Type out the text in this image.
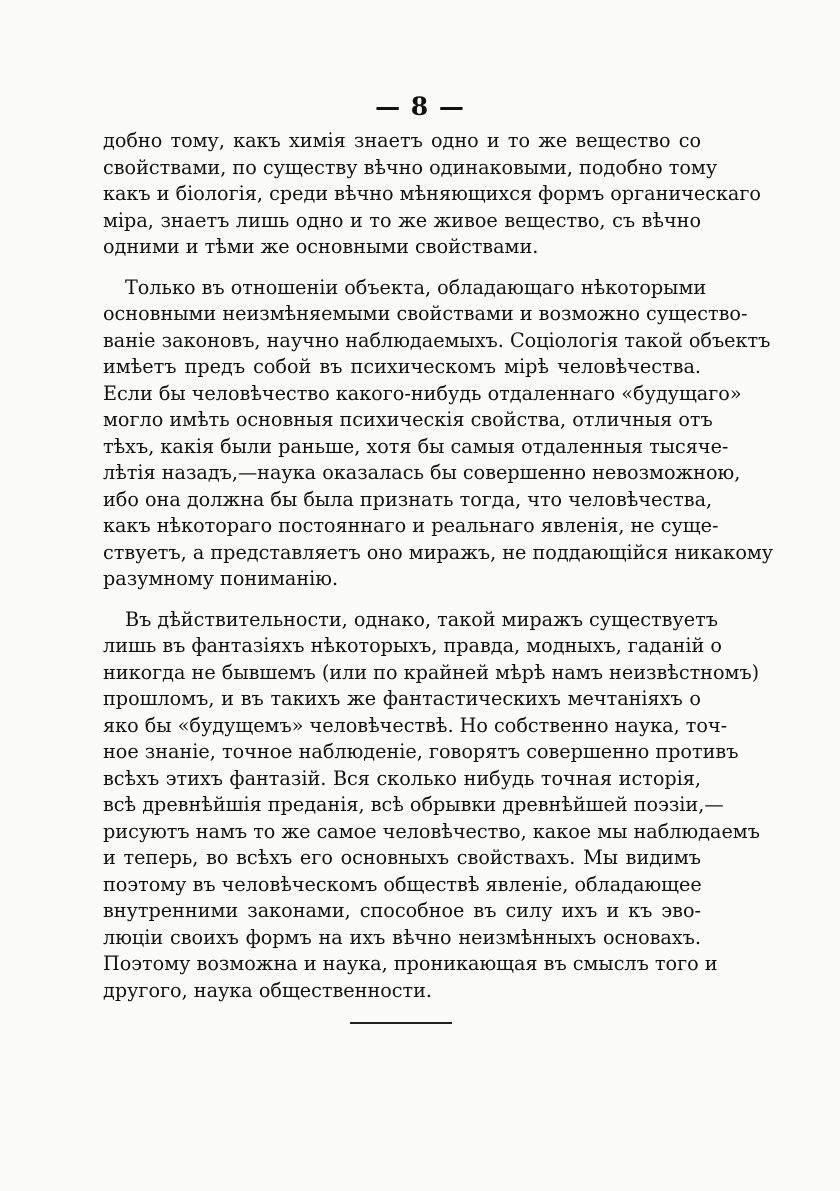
— 8 —
добно тому, какъ химія знаетъ одно и то же вещество со
свойствами, по существу вѣчно одинаковыми, подобно тому
какъ и біологія, среди вѣчно мѣняющихся формъ органическаго
міра, знаетъ лишь одно и то же живое вещество, съ вѣчно
одними и тѣми же основными свойствами.
Только въ отношеніи объекта, обладающаго нѣкоторыми
основными неизмѣняемыми свойствами и возможно существо-
ваніе законовъ, научно наблюдаемыхъ. Соціологія такой объектъ
имѣетъ предъ собой въ психическомъ мірѣ человѣчества.
Если бы человѣчество какого-нибудь отдаленнаго «будущаго»
могло имѣть основныя психическія свойства, отличныя отъ
тѣхъ, какія были раньше, хотя бы самыя отдаленныя тысяче-
лѣтія назадъ,—наука оказалась бы совершенно невозможною,
ибо она должна бы была признать тогда, что человѣчества,
какъ нѣкотораго постояннаго и реальнаго явленія, не суще-
ствуетъ, а представляетъ оно миражъ, не поддающійся никакому
разумному пониманію.
Въ дѣйствительности, однако, такой миражъ существуетъ
лишь въ фантазіяхъ нѣкоторыхъ, правда, модныхъ, гаданій о
никогда не бывшемъ (или по крайней мѣрѣ намъ неизвѣстномъ)
прошломъ, и въ такихъ же фантастическихъ мечтаніяхъ о
яко бы «будущемъ» человѣчествѣ. Но собственно наука, точ-
ное знаніе, точное наблюденіе, говорятъ совершенно противъ
всѣхъ этихъ фантазій. Вся сколько нибудь точная исторія,
всѣ древнѣйшія преданія, всѣ обрывки древнѣйшей поэзіи,—
рисуютъ намъ то же самое человѣчество, какое мы наблюдаемъ
и теперь, во всѣхъ его основныхъ свойствахъ. Мы видимъ
поэтому въ человѣческомъ обществѣ явленіе, обладающее
внутренними законами, способное въ силу ихъ и къ эво-
люціи своихъ формъ на ихъ вѣчно неизмѣнныхъ основахъ.
Поэтому возможна и наука, проникающая въ смыслъ того и
другого, наука общественности.
